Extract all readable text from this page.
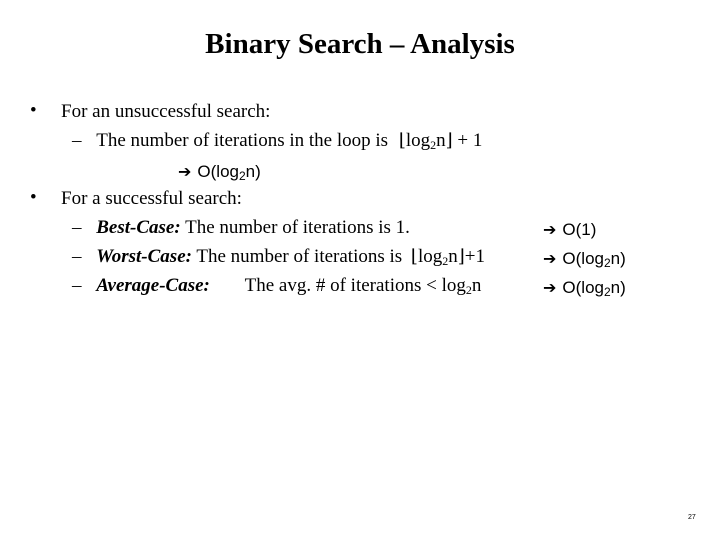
Binary Search – Analysis
• For an unsuccessful search:
– The number of iterations in the loop is $⌊\log_2n⌋ + 1$
➔ $O(\log_2n)$
• For a successful search:
– Best-Case: The number of iterations is 1.	➔ O(1)
– Worst-Case: The number of iterations is $⌊\log_2n⌋+1$	➔ $O(\log_2n)$
– Average-Case: The avg. # of iterations < $\log_2n$	➔ $O(\log_2n)$
27
